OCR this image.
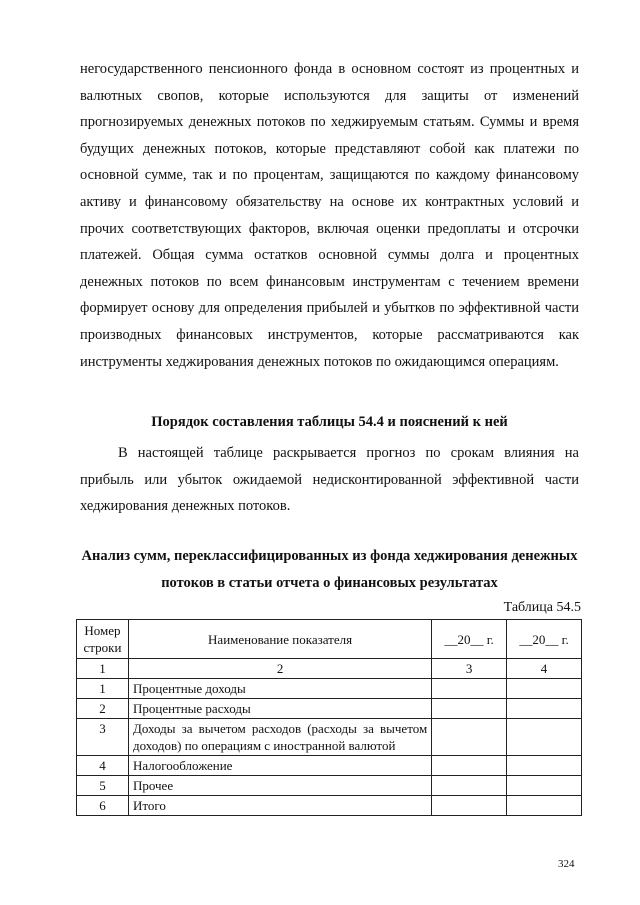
негосударственного пенсионного фонда в основном состоят из процентных и валютных свопов, которые используются для защиты от изменений прогнозируемых денежных потоков по хеджируемым статьям. Суммы и время будущих денежных потоков, которые представляют собой как платежи по основной сумме, так и по процентам, защищаются по каждому финансовому активу и финансовому обязательству на основе их контрактных условий и прочих соответствующих факторов, включая оценки предоплаты и отсрочки платежей. Общая сумма остатков основной суммы долга и процентных денежных потоков по всем финансовым инструментам с течением времени формирует основу для определения прибылей и убытков по эффективной части производных финансовых инструментов, которые рассматриваются как инструменты хеджирования денежных потоков по ожидающимся операциям.
Порядок составления таблицы 54.4 и пояснений к ней
В настоящей таблице раскрывается прогноз по срокам влияния на прибыль или убыток ожидаемой недисконтированной эффективной части хеджирования денежных потоков.
Анализ сумм, переклассифицированных из фонда хеджирования денежных потоков в статьи отчета о финансовых результатах
Таблица 54.5
Номер строки	Наименование показателя	__20__ г.	__20__ г.
1	2	3	4
1	Процентные доходы		
2	Процентные расходы		
3	Доходы за вычетом расходов (расходы за вычетом доходов) по операциям с иностранной валютой		
4	Налогообложение		
5	Прочее		
6	Итого		
324
